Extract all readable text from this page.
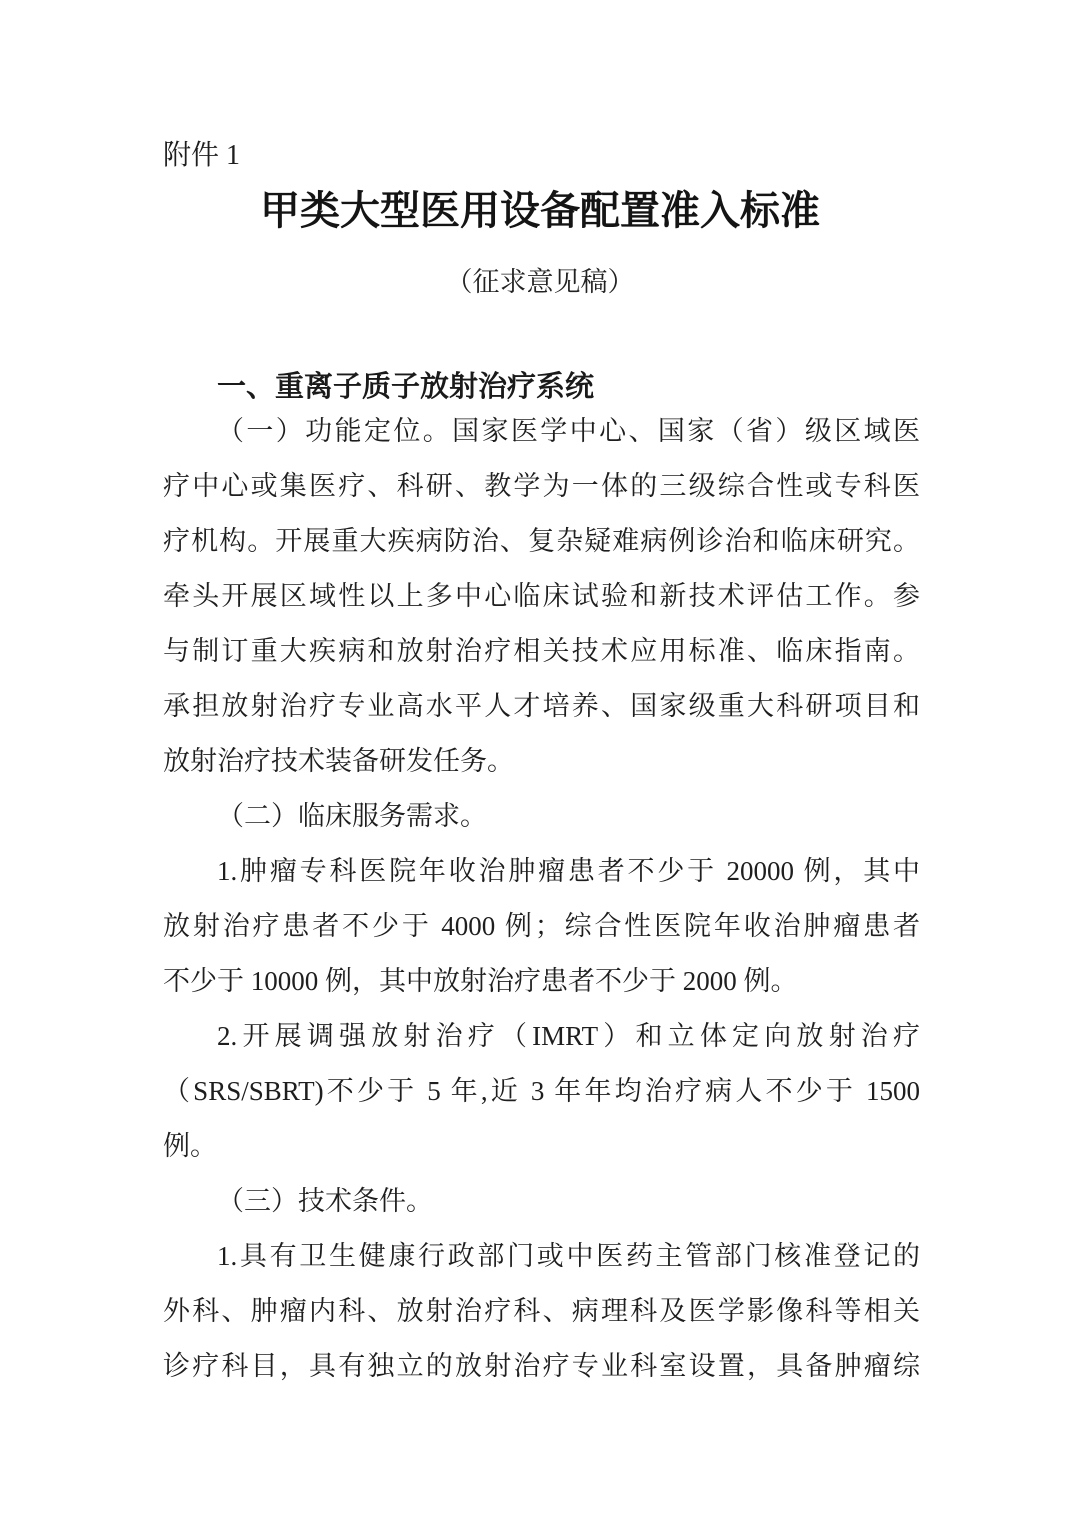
附件 1
甲类大型医用设备配置准入标准
（征求意见稿）
一、重离子质子放射治疗系统
（一）功能定位。国家医学中心、国家（省）级区域医
疗中心或集医疗、科研、教学为一体的三级综合性或专科医
疗机构。开展重大疾病防治、复杂疑难病例诊治和临床研究。
牵头开展区域性以上多中心临床试验和新技术评估工作。参
与制订重大疾病和放射治疗相关技术应用标准、临床指南。
承担放射治疗专业高水平人才培养、国家级重大科研项目和
放射治疗技术装备研发任务。
（二）临床服务需求。
1.肿瘤专科医院年收治肿瘤患者不少于 20000 例，其中
放射治疗患者不少于 4000 例；综合性医院年收治肿瘤患者
不少于 10000 例，其中放射治疗患者不少于 2000 例。
2.开展调强放射治疗（IMRT）和立体定向放射治疗
（SRS/SBRT)不少于 5 年,近 3 年年均治疗病人不少于 1500
例。
（三）技术条件。
1.具有卫生健康行政部门或中医药主管部门核准登记的
外科、肿瘤内科、放射治疗科、病理科及医学影像科等相关
诊疗科目，具有独立的放射治疗专业科室设置，具备肿瘤综
